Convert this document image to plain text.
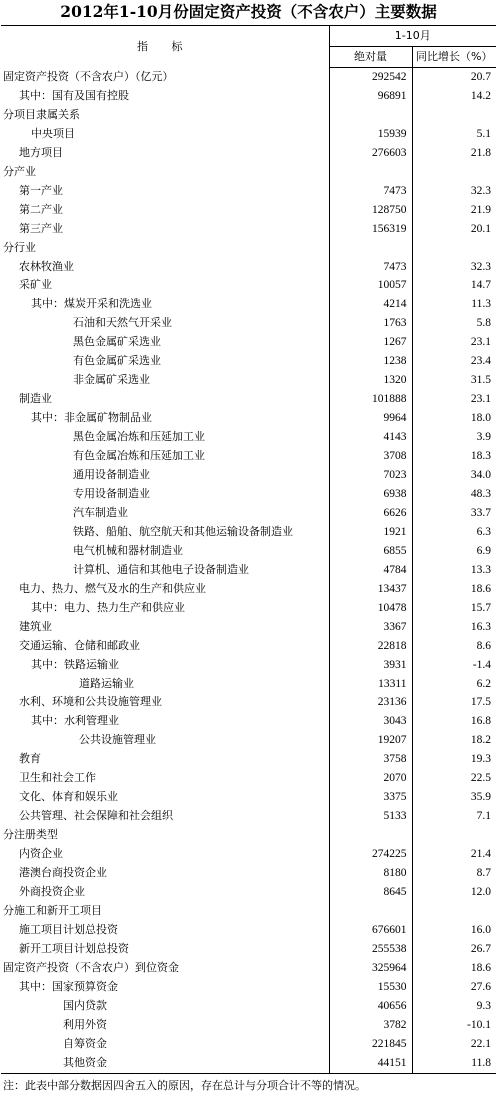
2012年1-10月份固定资产投资（不含农户）主要数据
指 标	1-10月	
	绝对量	同比增长（%）
固定资产投资（不含农户）（亿元）	292542	20.7
其中：国有及国有控股	96891	14.2
分项目隶属关系		
中央项目	15939	5.1
地方项目	276603	21.8
分产业		
第一产业	7473	32.3
第二产业	128750	21.9
第三产业	156319	20.1
分行业		
农林牧渔业	7473	32.3
采矿业	10057	14.7
其中：煤炭开采和洗选业	4214	11.3
石油和天然气开采业	1763	5.8
黑色金属矿采选业	1267	23.1
有色金属矿采选业	1238	23.4
非金属矿采选业	1320	31.5
制造业	101888	23.1
其中：非金属矿物制品业	9964	18.0
黑色金属冶炼和压延加工业	4143	3.9
有色金属冶炼和压延加工业	3708	18.3
通用设备制造业	7023	34.0
专用设备制造业	6938	48.3
汽车制造业	6626	33.7
铁路、船舶、航空航天和其他运输设备制造业	1921	6.3
电气机械和器材制造业	6855	6.9
计算机、通信和其他电子设备制造业	4784	13.3
电力、热力、燃气及水的生产和供应业	13437	18.6
其中：电力、热力生产和供应业	10478	15.7
建筑业	3367	16.3
交通运输、仓储和邮政业	22818	8.6
其中：铁路运输业	3931	-1.4
道路运输业	13311	6.2
水利、环境和公共设施管理业	23136	17.5
其中：水利管理业	3043	16.8
公共设施管理业	19207	18.2
教育	3758	19.3
卫生和社会工作	2070	22.5
文化、体育和娱乐业	3375	35.9
公共管理、社会保障和社会组织	5133	7.1
分注册类型		
内资企业	274225	21.4
港澳台商投资企业	8180	8.7
外商投资企业	8645	12.0
分施工和新开工项目		
施工项目计划总投资	676601	16.0
新开工项目计划总投资	255538	26.7
固定资产投资（不含农户）到位资金	325964	18.6
其中：国家预算资金	15530	27.6
国内贷款	40656	9.3
利用外资	3782	-10.1
自筹资金	221845	22.1
其他资金	44151	11.8
注：此表中部分数据因四舍五入的原因，存在总计与分项合计不等的情况。
